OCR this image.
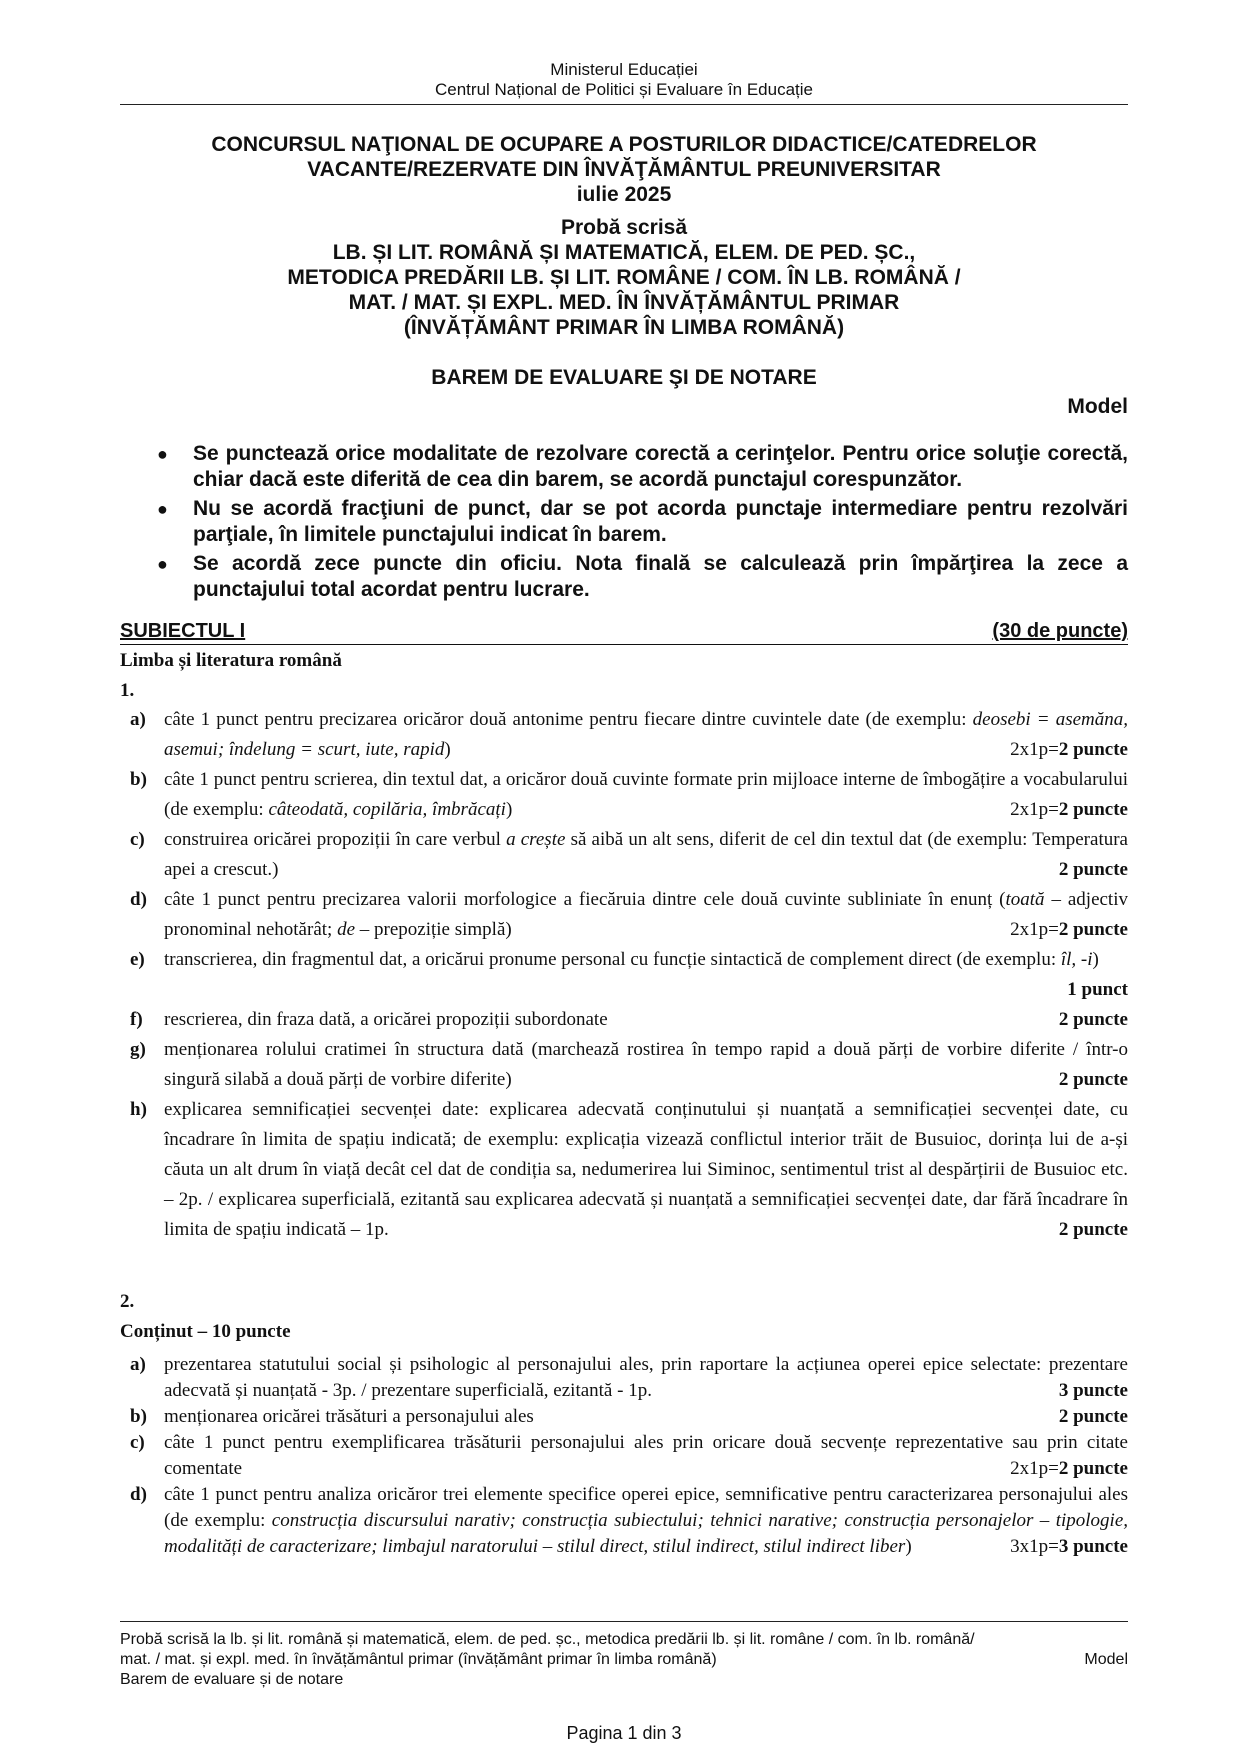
Ministerul Educației
Centrul Național de Politici și Evaluare în Educație
CONCURSUL NAŢIONAL DE OCUPARE A POSTURILOR DIDACTICE/CATEDRELOR
VACANTE/REZERVATE DIN ÎNVĂŢĂMÂNTUL PREUNIVERSITAR
iulie 2025
Probă scrisă
LB. ȘI LIT. ROMÂNĂ ȘI MATEMATICĂ, ELEM. DE PED. ȘC.,
METODICA PREDĂRII LB. ȘI LIT. ROMÂNE / COM. ÎN LB. ROMÂNĂ /
MAT. / MAT. ȘI EXPL. MED. ÎN ÎNVĂȚĂMÂNTUL PRIMAR
(ÎNVĂȚĂMÂNT PRIMAR ÎN LIMBA ROMÂNĂ)
BAREM DE EVALUARE ŞI DE NOTARE
Model
● Se punctează orice modalitate de rezolvare corectă a cerinţelor. Pentru orice soluţie corectă, chiar dacă este diferită de cea din barem, se acordă punctajul corespunzător.
● Nu se acordă fracţiuni de punct, dar se pot acorda punctaje intermediare pentru rezolvări parţiale, în limitele punctajului indicat în barem.
● Se acordă zece puncte din oficiu. Nota finală se calculează prin împărţirea la zece a punctajului total acordat pentru lucrare.
SUBIECTUL I	(30 de puncte)
Limba și literatura română
1.
a) câte 1 punct pentru precizarea oricăror două antonime pentru fiecare dintre cuvintele date (de exemplu: deosebi = asemăna, asemui; îndelung = scurt, iute, rapid)	2x1p=2 puncte
b) câte 1 punct pentru scrierea, din textul dat, a oricăror două cuvinte formate prin mijloace interne de îmbogățire a vocabularului (de exemplu: câteodată, copilăria, îmbrăcați)	2x1p=2 puncte
c) construirea oricărei propoziții în care verbul a crește să aibă un alt sens, diferit de cel din textul dat (de exemplu: Temperatura apei a crescut.)	2 puncte
d) câte 1 punct pentru precizarea valorii morfologice a fiecăruia dintre cele două cuvinte subliniate în enunț (toată – adjectiv pronominal nehotărât; de – prepoziție simplă)	2x1p=2 puncte
e) transcrierea, din fragmentul dat, a oricărui pronume personal cu funcție sintactică de complement direct (de exemplu: îl, -i)
1 punct
f) rescrierea, din fraza dată, a oricărei propoziții subordonate	2 puncte
g) menționarea rolului cratimei în structura dată (marchează rostirea în tempo rapid a două părți de vorbire diferite / într-o singură silabă a două părți de vorbire diferite)	2 puncte
h) explicarea semnificației secvenței date: explicarea adecvată conținutului și nuanțată a semnificației secvenței date, cu încadrare în limita de spațiu indicată; de exemplu: explicația vizează conflictul interior trăit de Busuioc, dorința lui de a-și căuta un alt drum în viață decât cel dat de condiția sa, nedumerirea lui Siminoc, sentimentul trist al despărțirii de Busuioc etc. – 2p. / explicarea superficială, ezitantă sau explicarea adecvată și nuanțată a semnificației secvenței date, dar fără încadrare în limita de spațiu indicată – 1p.	2 puncte
2.
Conținut – 10 puncte
a) prezentarea statutului social și psihologic al personajului ales, prin raportare la acțiunea operei epice selectate: prezentare adecvată și nuanțată - 3p. / prezentare superficială, ezitantă - 1p.	3 puncte
b) menționarea oricărei trăsături a personajului ales	2 puncte
c) câte 1 punct pentru exemplificarea trăsăturii personajului ales prin oricare două secvențe reprezentative sau prin citate comentate	2x1p=2 puncte
d) câte 1 punct pentru analiza oricăror trei elemente specifice operei epice, semnificative pentru caracterizarea personajului ales (de exemplu: construcția discursului narativ; construcția subiectului; tehnici narative; construcția personajelor – tipologie, modalități de caracterizare; limbajul naratorului – stilul direct, stilul indirect, stilul indirect liber)	3x1p=3 puncte
Probă scrisă la lb. și lit. română și matematică, elem. de ped. șc., metodica predării lb. și lit. române / com. în lb. română/
mat. / mat. și expl. med. în învățământul primar (învățământ primar în limba română)	Model
Barem de evaluare și de notare
Pagina 1 din 3
